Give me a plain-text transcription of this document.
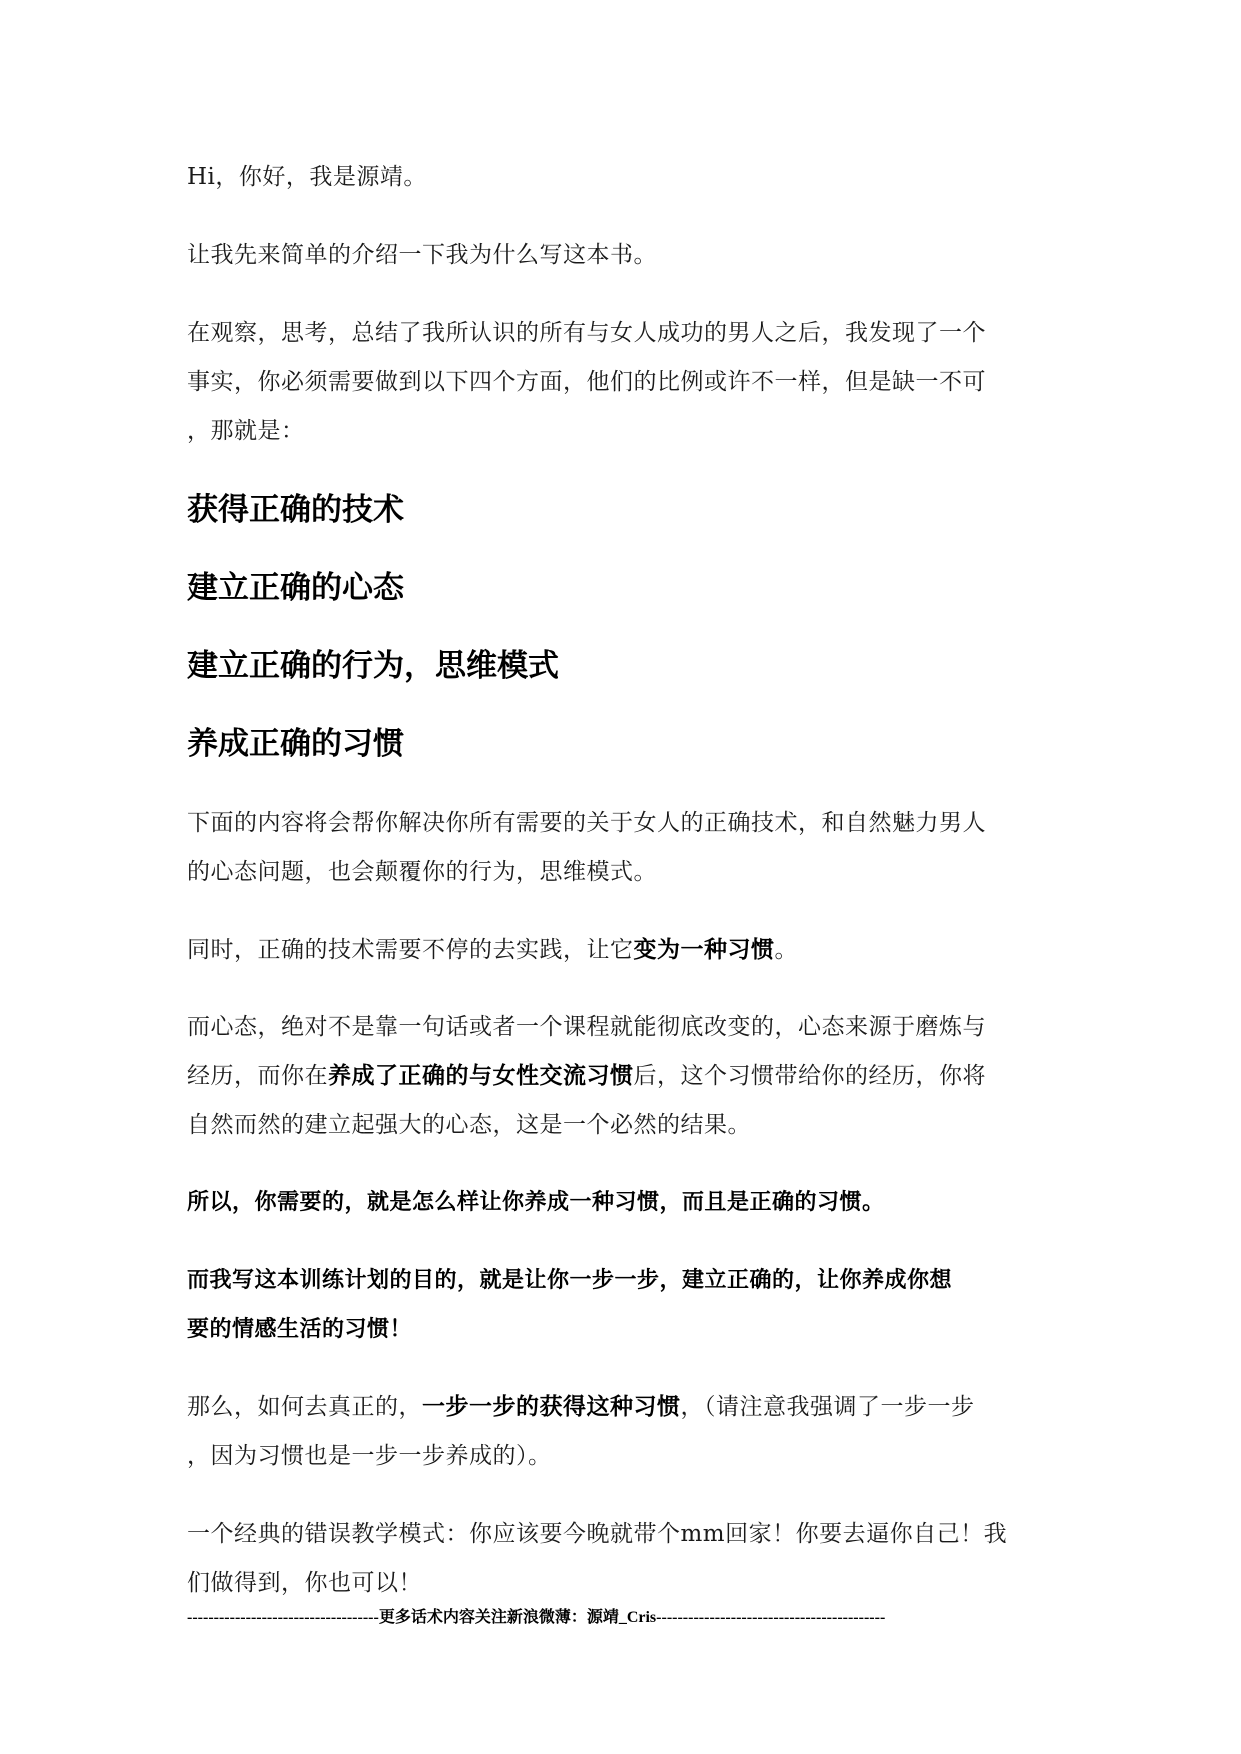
Hi，你好，我是源靖。
让我先来简单的介绍一下我为什么写这本书。
在观察，思考，总结了我所认识的所有与女人成功的男人之后，我发现了一个
事实，你必须需要做到以下四个方面，他们的比例或许不一样，但是缺一不可
，那就是：
获得正确的技术
建立正确的心态
建立正确的行为，思维模式
养成正确的习惯
下面的内容将会帮你解决你所有需要的关于女人的正确技术，和自然魅力男人
的心态问题，也会颠覆你的行为，思维模式。
同时，正确的技术需要不停的去实践，让它变为一种习惯。
而心态，绝对不是靠一句话或者一个课程就能彻底改变的，心态来源于磨炼与
经历，而你在养成了正确的与女性交流习惯后，这个习惯带给你的经历，你将
自然而然的建立起强大的心态，这是一个必然的结果。
所以，你需要的，就是怎么样让你养成一种习惯，而且是正确的习惯。
而我写这本训练计划的目的，就是让你一步一步，建立正确的，让你养成你想
要的情感生活的习惯！
那么，如何去真正的，一步一步的获得这种习惯，（请注意我强调了一步一步
，因为习惯也是一步一步养成的）。
一个经典的错误教学模式：你应该要今晚就带个mm回家！你要去逼你自己！我
们做得到，你也可以！
------------------------------------更多话术内容关注新浪微薄：源靖_Cris-------------------------------------------
